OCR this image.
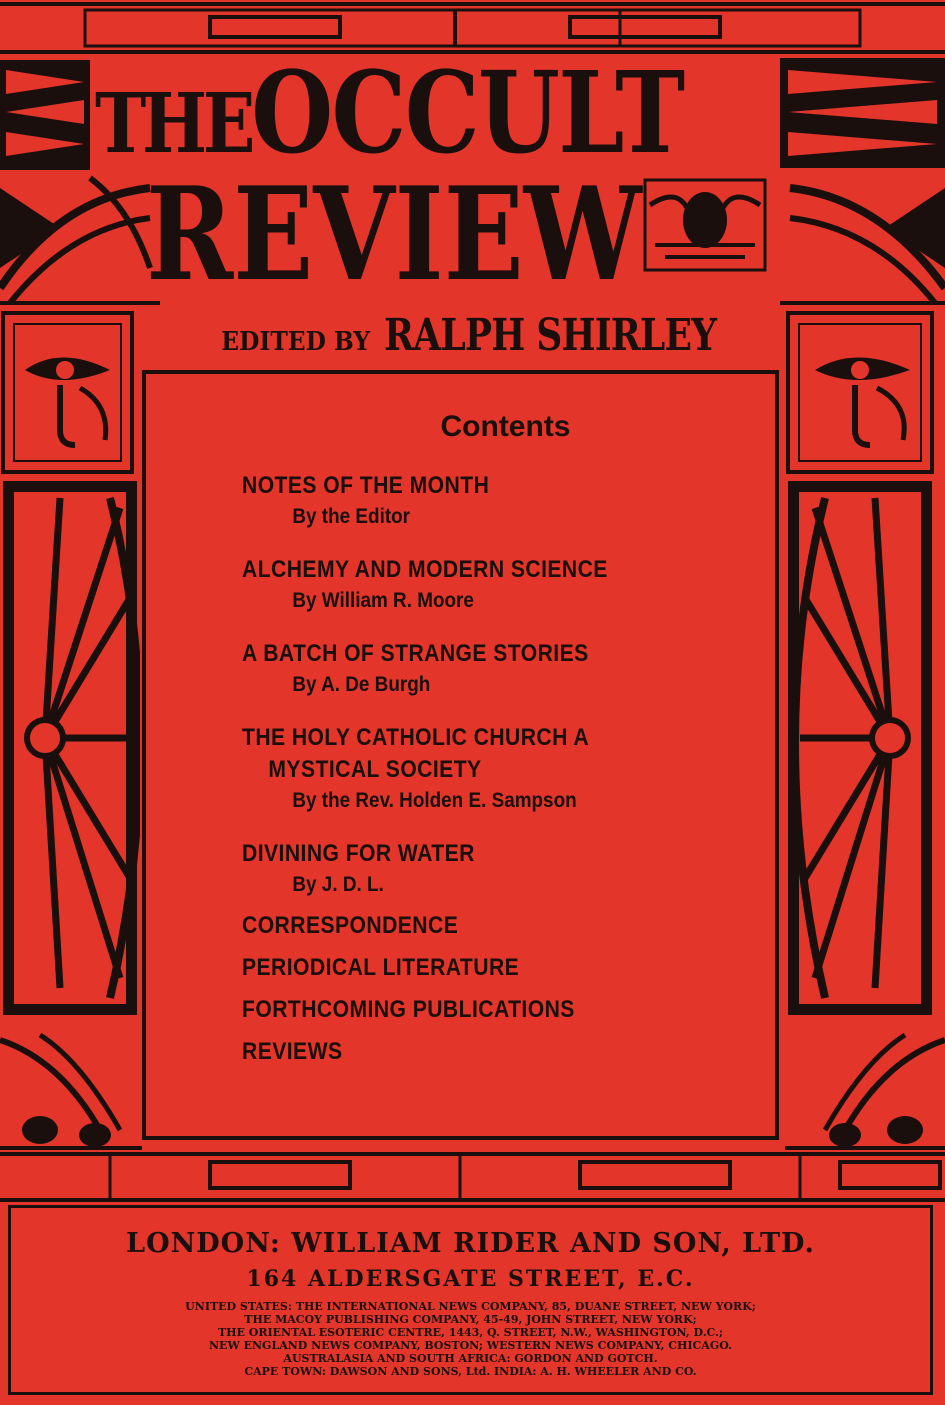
THEOCCULT
REVIEW
EDITED BY RALPH SHIRLEY
Contents
NOTES OF THE MONTH
By the Editor
ALCHEMY AND MODERN SCIENCE
By William R. Moore
A BATCH OF STRANGE STORIES
By A. De Burgh
THE HOLY CATHOLIC CHURCH A
MYSTICAL SOCIETY
By the Rev. Holden E. Sampson
DIVINING FOR WATER
By J. D. L.
CORRESPONDENCE
PERIODICAL LITERATURE
FORTHCOMING PUBLICATIONS
REVIEWS
LONDON: WILLIAM RIDER AND SON, LTD.
164 ALDERSGATE STREET, E.C.
UNITED STATES: THE INTERNATIONAL NEWS COMPANY, 85, DUANE STREET, NEW YORK;
THE MACOY PUBLISHING COMPANY, 45-49, JOHN STREET, NEW YORK;
THE ORIENTAL ESOTERIC CENTRE, 1443, Q. STREET, N.W., WASHINGTON, D.C.;
NEW ENGLAND NEWS COMPANY, BOSTON; WESTERN NEWS COMPANY, CHICAGO.
AUSTRALASIA AND SOUTH AFRICA: GORDON AND GOTCH.
CAPE TOWN: DAWSON AND SONS, Ltd. INDIA: A. H. WHEELER AND CO.
